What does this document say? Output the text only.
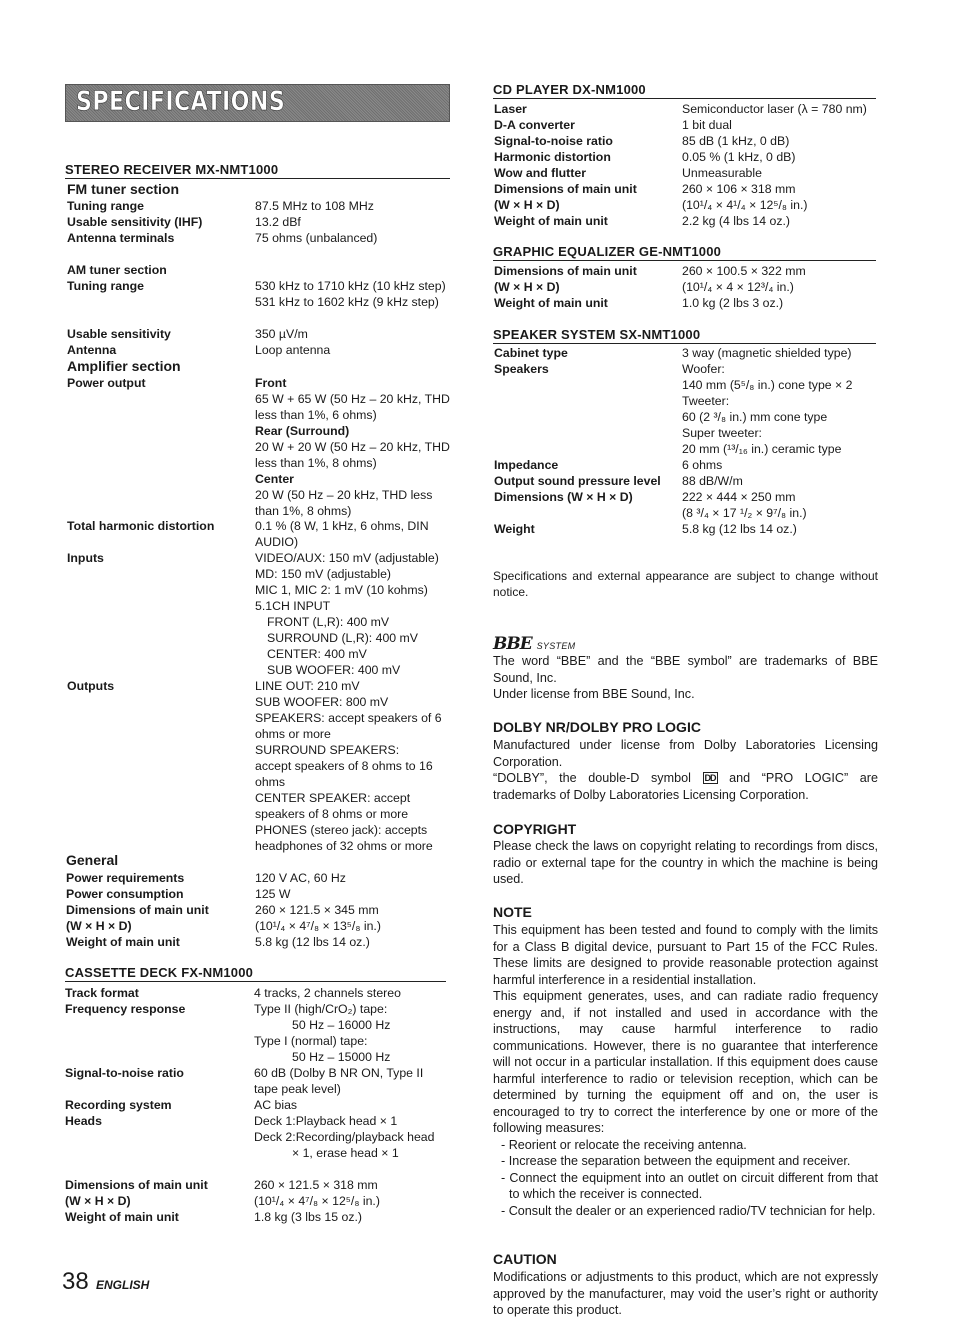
SPECIFICATIONS
STEREO RECEIVER MX-NMT1000
FM tuner section
Tuning range	87.5 MHz to 108 MHz
Usable sensitivity (IHF)	13.2 dBf
Antenna terminals	75 ohms (unbalanced)
AM tuner section
Tuning range	530 kHz to 1710 kHz (10 kHz step)
531 kHz to 1602 kHz (9 kHz step)

Usable sensitivity	350 µV/m
Antenna	Loop antenna
Amplifier section
Power output	Front
65 W + 65 W (50 Hz – 20 kHz, THD
less than 1%, 6 ohms)
Rear (Surround)
20 W + 20 W (50 Hz – 20 kHz, THD
less than 1%, 8 ohms)
Center
20 W (50 Hz – 20 kHz, THD less
than 1%, 8 ohms)
Total harmonic distortion	0.1 % (8 W, 1 kHz, 6 ohms, DIN
AUDIO)
Inputs	VIDEO/AUX: 150 mV (adjustable)
MD: 150 mV (adjustable)
MIC 1, MIC 2: 1 mV (10 kohms)
5.1CH INPUT
FRONT (L,R): 400 mV
SURROUND (L,R): 400 mV
CENTER: 400 mV
SUB WOOFER: 400 mV
Outputs	LINE OUT: 210 mV
SUB WOOFER: 800 mV
SPEAKERS: accept speakers of 6
ohms or more
SURROUND SPEAKERS:
accept speakers of 8 ohms to 16
ohms
CENTER SPEAKER: accept
speakers of 8 ohms or more
PHONES (stereo jack): accepts
headphones of 32 ohms or more
General
Power requirements	120 V AC, 60 Hz
Power consumption	125 W
Dimensions of main unit	260 × 121.5 × 345 mm
(W × H × D)	(10¹/₄ × 4⁷/₈ × 13⁵/₈ in.)
Weight of main unit	5.8 kg (12 lbs 14 oz.)
CASSETTE DECK FX-NM1000
Track format	4 tracks, 2 channels stereo
Frequency response	Type II (high/CrO₂) tape:
50 Hz – 16000 Hz
Type I (normal) tape:
50 Hz – 15000 Hz
Signal-to-noise ratio	60 dB (Dolby B NR ON, Type II
tape peak level)
Recording system	AC bias
Heads	Deck 1:Playback head × 1
Deck 2:Recording/playback head
× 1, erase head × 1

Dimensions of main unit	260 × 121.5 × 318 mm
(W × H × D)	(10¹/₄ × 4⁷/₈ × 12⁵/₈ in.)
Weight of main unit	1.8 kg (3 lbs 15 oz.)
38 ENGLISH
CD PLAYER DX-NM1000
Laser	Semiconductor laser (λ = 780 nm)
D-A converter	1 bit dual
Signal-to-noise ratio	85 dB (1 kHz, 0 dB)
Harmonic distortion	0.05 % (1 kHz, 0 dB)
Wow and flutter	Unmeasurable
Dimensions of main unit	260 × 106 × 318 mm
(W × H × D)	(10¹/₄ × 4¹/₄ × 12⁵/₈ in.)
Weight of main unit	2.2 kg (4 lbs 14 oz.)
GRAPHIC EQUALIZER GE-NMT1000
Dimensions of main unit	260 × 100.5 × 322 mm
(W × H × D)	(10¹/₄ × 4 × 12³/₄ in.)
Weight of main unit	1.0 kg (2 lbs 3 oz.)
SPEAKER SYSTEM SX-NMT1000
Cabinet type	3 way (magnetic shielded type)
Speakers	Woofer:
140 mm (5⁵/₈ in.) cone type × 2
Tweeter:
60 (2 ³/₈ in.) mm cone type
Super tweeter:
20 mm (¹³/₁₆ in.) ceramic type
Impedance	6 ohms
Output sound pressure level	88 dB/W/m
Dimensions (W × H × D)	222 × 444 × 250 mm
(8 ³/₄ × 17 ¹/₂ × 9⁷/₈ in.)
Weight	5.8 kg (12 lbs 14 oz.)
Specifications and external appearance are subject to change without notice.
BBE SYSTEM
The word “BBE” and the “BBE symbol” are trademarks of BBE Sound, Inc.
Under license from BBE Sound, Inc.
DOLBY NR/DOLBY PRO LOGIC
Manufactured under license from Dolby Laboratories Licensing Corporation.
“DOLBY”, the double-D symbol DD and “PRO LOGIC” are trademarks of Dolby Laboratories Licensing Corporation.
COPYRIGHT
Please check the laws on copyright relating to recordings from discs, radio or external tape for the country in which the machine is being used.
NOTE
This equipment has been tested and found to comply with the limits for a Class B digital device, pursuant to Part 15 of the FCC Rules. These limits are designed to provide reasonable protection against harmful interference in a residential installation.
This equipment generates, uses, and can radiate radio frequency energy and, if not installed and used in accordance with the instructions, may cause harmful interference to radio communications. However, there is no guarantee that interference will not occur in a particular installation. If this equipment does cause harmful interference to radio or television reception, which can be determined by turning the equipment off and on, the user is encouraged to try to correct the interference by one or more of the following measures:
- Reorient or relocate the receiving antenna.
- Increase the separation between the equipment and receiver.
- Connect the equipment into an outlet on circuit different from that to which the receiver is connected.
- Consult the dealer or an experienced radio/TV technician for help.
CAUTION
Modifications or adjustments to this product, which are not expressly approved by the manufacturer, may void the user’s right or authority to operate this product.
